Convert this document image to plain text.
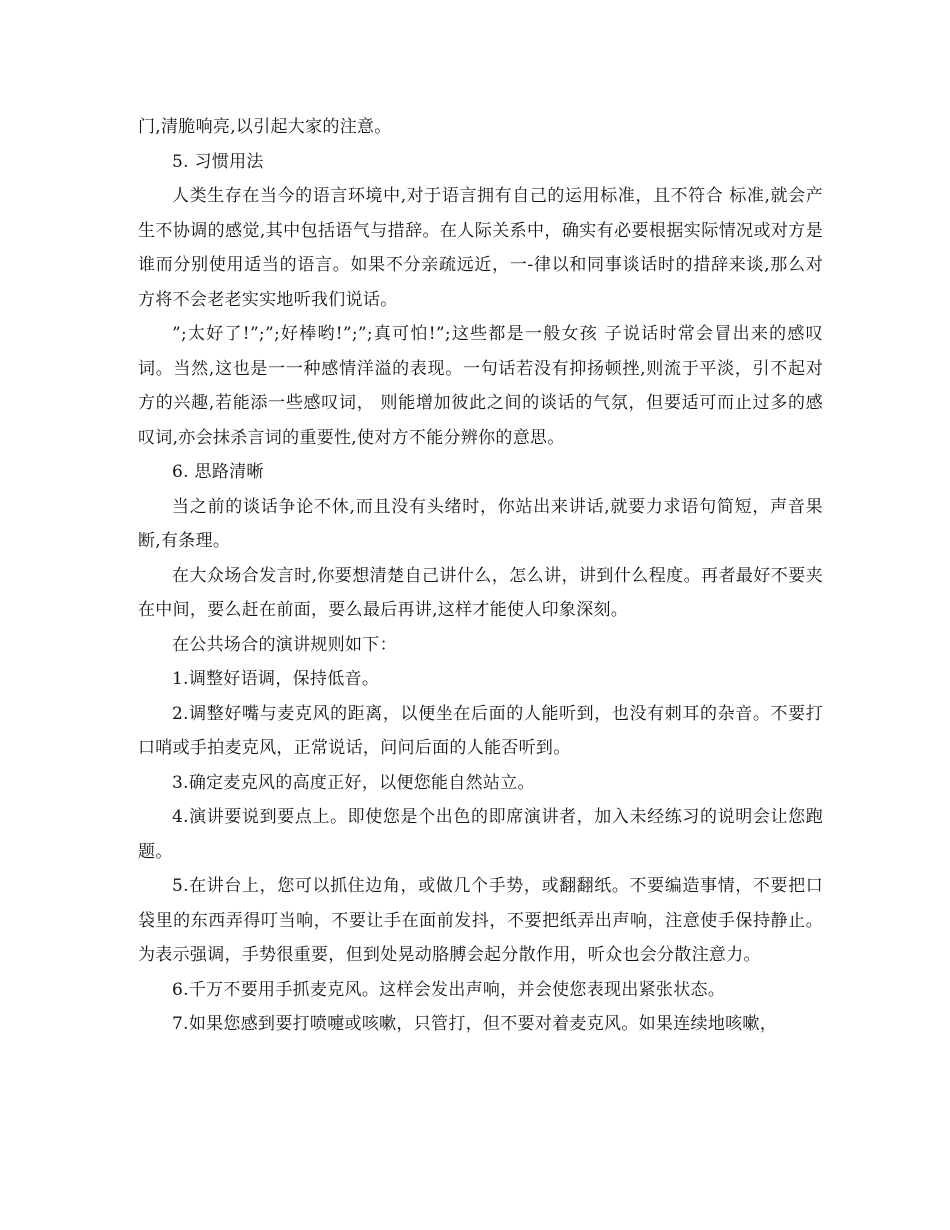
门,清脆响亮,以引起大家的注意。

5. 习惯用法

人类生存在当今的语言环境中,对于语言拥有自己的运用标准，且不符合 标准,就会产生不协调的感觉,其中包括语气与措辞。在人际关系中，确实有必要根据实际情况或对方是谁而分别使用适当的语言。如果不分亲疏远近，一-律以和同事谈话时的措辞来谈,那么对方将不会老老实实地听我们说话。

”;太好了!”;”;好棒哟!”;”;真可怕!”;这些都是一般女孩 子说话时常会冒出来的感叹词。当然,这也是一一种感情洋溢的表现。一句话若没有抑扬顿挫,则流于平淡，引不起对方的兴趣,若能添一些感叹词， 则能增加彼此之间的谈话的气氛，但要适可而止过多的感叹词,亦会抹杀言词的重要性,使对方不能分辨你的意思。

6. 思路清晰

当之前的谈话争论不休,而且没有头绪时，你站出来讲话,就要力求语句简短，声音果断,有条理。

在大众场合发言时,你要想清楚自己讲什么，怎么讲，讲到什么程度。再者最好不要夹在中间，要么赶在前面，要么最后再讲,这样才能使人印象深刻。

在公共场合的演讲规则如下：

1.调整好语调，保持低音。

2.调整好嘴与麦克风的距离，以便坐在后面的人能听到，也没有刺耳的杂音。不要打口哨或手拍麦克风，正常说话，问问后面的人能否听到。

3.确定麦克风的高度正好，以便您能自然站立。

4.演讲要说到要点上。即使您是个出色的即席演讲者，加入未经练习的说明会让您跑题。

5.在讲台上，您可以抓住边角，或做几个手势，或翻翻纸。不要编造事情，不要把口袋里的东西弄得叮当响，不要让手在面前发抖，不要把纸弄出声响，注意使手保持静止。为表示强调，手势很重要，但到处晃动胳膊会起分散作用，听众也会分散注意力。

6.千万不要用手抓麦克风。这样会发出声响，并会使您表现出紧张状态。

7.如果您感到要打喷嚏或咳嗽，只管打，但不要对着麦克风。如果连续地咳嗽，
